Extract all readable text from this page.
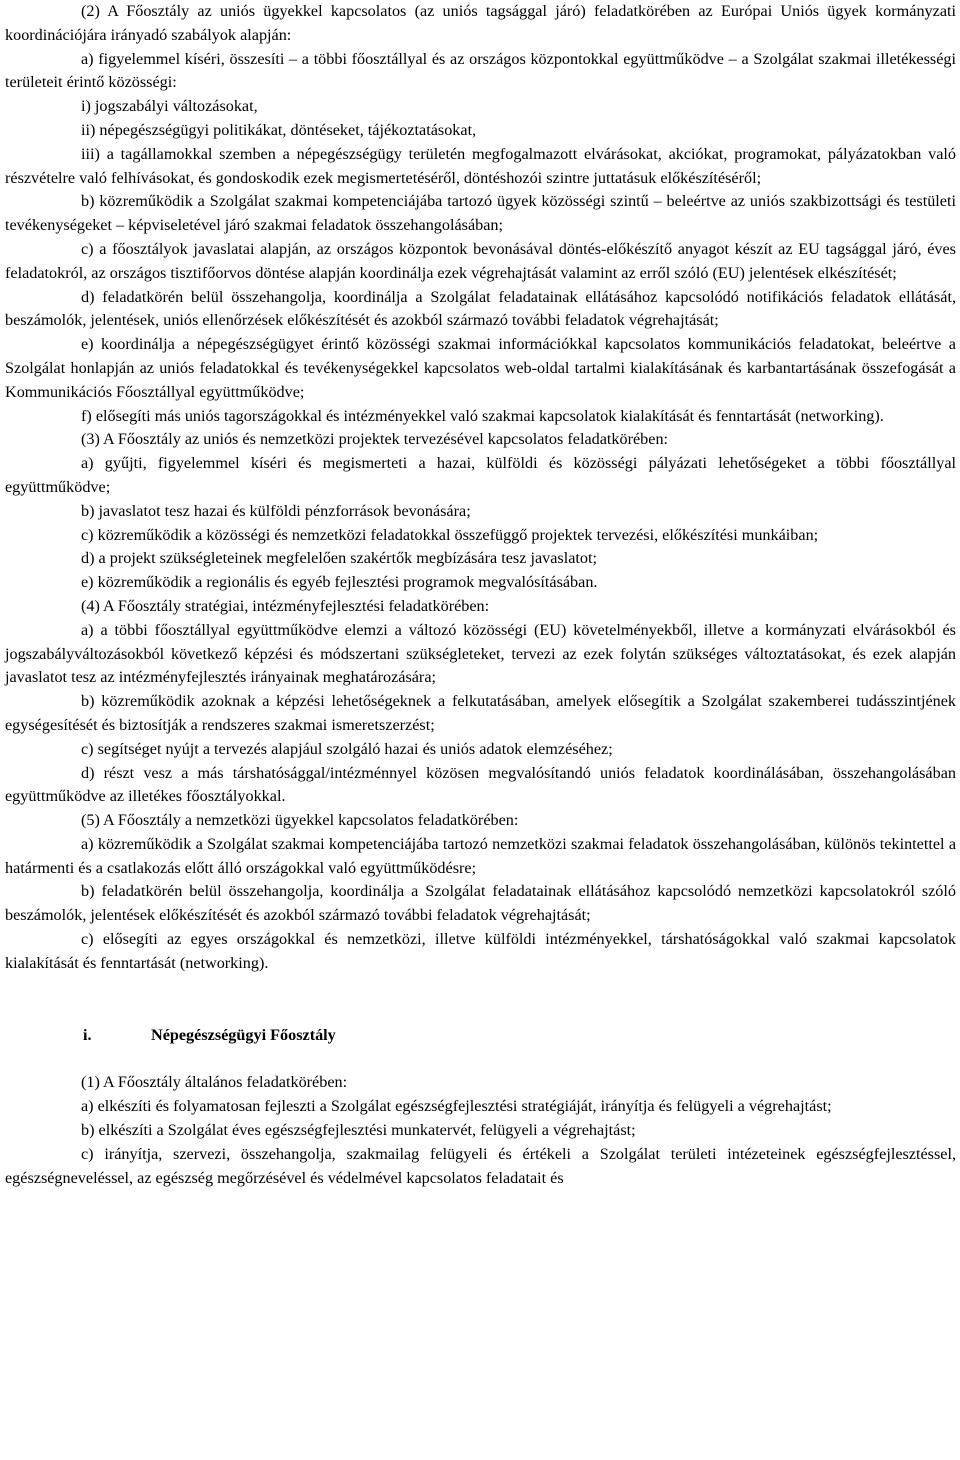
(2) A Főosztály az uniós ügyekkel kapcsolatos (az uniós tagsággal járó) feladatkörében az Európai Uniós ügyek kormányzati koordinációjára irányadó szabályok alapján:

a) figyelemmel kíséri, összesíti – a többi főosztállyal és az országos központokkal együttműködve – a Szolgálat szakmai illetékességi területeit érintő közösségi:

i) jogszabályi változásokat,

ii) népegészségügyi politikákat, döntéseket, tájékoztatásokat,

iii) a tagállamokkal szemben a népegészségügy területén megfogalmazott elvárásokat, akciókat, programokat, pályázatokban való részvételre való felhívásokat, és gondoskodik ezek megismertetéséről, döntéshozói szintre juttatásuk előkészítéséről;

b) közreműködik a Szolgálat szakmai kompetenciájába tartozó ügyek közösségi szintű – beleértve az uniós szakbizottsági és testületi tevékenységeket – képviseletével járó szakmai feladatok összehangolásában;

c) a főosztályok javaslatai alapján, az országos központok bevonásával döntés-előkészítő anyagot készít az EU tagsággal járó, éves feladatokról, az országos tisztifőorvos döntése alapján koordinálja ezek végrehajtását valamint az erről szóló (EU) jelentések elkészítését;

d) feladatkörén belül összehangolja, koordinálja a Szolgálat feladatainak ellátásához kapcsolódó notifikációs feladatok ellátását, beszámolók, jelentések, uniós ellenőrzések előkészítését és azokból származó további feladatok végrehajtását;

e) koordinálja a népegészségügyet érintő közösségi szakmai információkkal kapcsolatos kommunikációs feladatokat, beleértve a Szolgálat honlapján az uniós feladatokkal és tevékenységekkel kapcsolatos web-oldal tartalmi kialakításának és karbantartásának összefogását a Kommunikációs Főosztállyal együttműködve;

f) elősegíti más uniós tagországokkal és intézményekkel való szakmai kapcsolatok kialakítását és fenntartását (networking).

(3) A Főosztály az uniós és nemzetközi projektek tervezésével kapcsolatos feladatkörében:

a) gyűjti, figyelemmel kíséri és megismerteti a hazai, külföldi és közösségi pályázati lehetőségeket a többi főosztállyal együttműködve;

b) javaslatot tesz hazai és külföldi pénzforrások bevonására;

c) közreműködik a közösségi és nemzetközi feladatokkal összefüggő projektek tervezési, előkészítési munkáiban;

d) a projekt szükségleteinek megfelelően szakértők megbízására tesz javaslatot;

e) közreműködik a regionális és egyéb fejlesztési programok megvalósításában.

(4) A Főosztály stratégiai, intézményfejlesztési feladatkörében:

a) a többi főosztállyal együttműködve elemzi a változó közösségi (EU) követelményekből, illetve a kormányzati elvárásokból és jogszabályváltozásokból következő képzési és módszertani szükségleteket, tervezi az ezek folytán szükséges változtatásokat, és ezek alapján javaslatot tesz az intézményfejlesztés irányainak meghatározására;

b) közreműködik azoknak a képzési lehetőségeknek a felkutatásában, amelyek elősegítik a Szolgálat szakemberei tudásszintjének egységesítését és biztosítják a rendszeres szakmai ismeretszerzést;

c) segítséget nyújt a tervezés alapjául szolgáló hazai és uniós adatok elemzéséhez;

d) részt vesz a más társhatósággal/intézménnyel közösen megvalósítandó uniós feladatok koordinálásában, összehangolásában együttműködve az illetékes főosztályokkal.

(5) A Főosztály a nemzetközi ügyekkel kapcsolatos feladatkörében:

a) közreműködik a Szolgálat szakmai kompetenciájába tartozó nemzetközi szakmai feladatok összehangolásában, különös tekintettel a határmenti és a csatlakozás előtt álló országokkal való együttműködésre;

b) feladatkörén belül összehangolja, koordinálja a Szolgálat feladatainak ellátásához kapcsolódó nemzetközi kapcsolatokról szóló beszámolók, jelentések előkészítését és azokból származó további feladatok végrehajtását;

c) elősegíti az egyes országokkal és nemzetközi, illetve külföldi intézményekkel, társhatóságokkal való szakmai kapcsolatok kialakítását és fenntartását (networking).

i.	Népegészségügyi Főosztály

(1) A Főosztály általános feladatkörében:

a) elkészíti és folyamatosan fejleszti a Szolgálat egészségfejlesztési stratégiáját, irányítja és felügyeli a végrehajtást;

b) elkészíti a Szolgálat éves egészségfejlesztési munkatervét, felügyeli a végrehajtást;

c) irányítja, szervezi, összehangolja, szakmailag felügyeli és értékeli a Szolgálat területi intézeteinek egészségfejlesztéssel, egészségneveléssel, az egészség megőrzésével és védelmével kapcsolatos feladatait és
